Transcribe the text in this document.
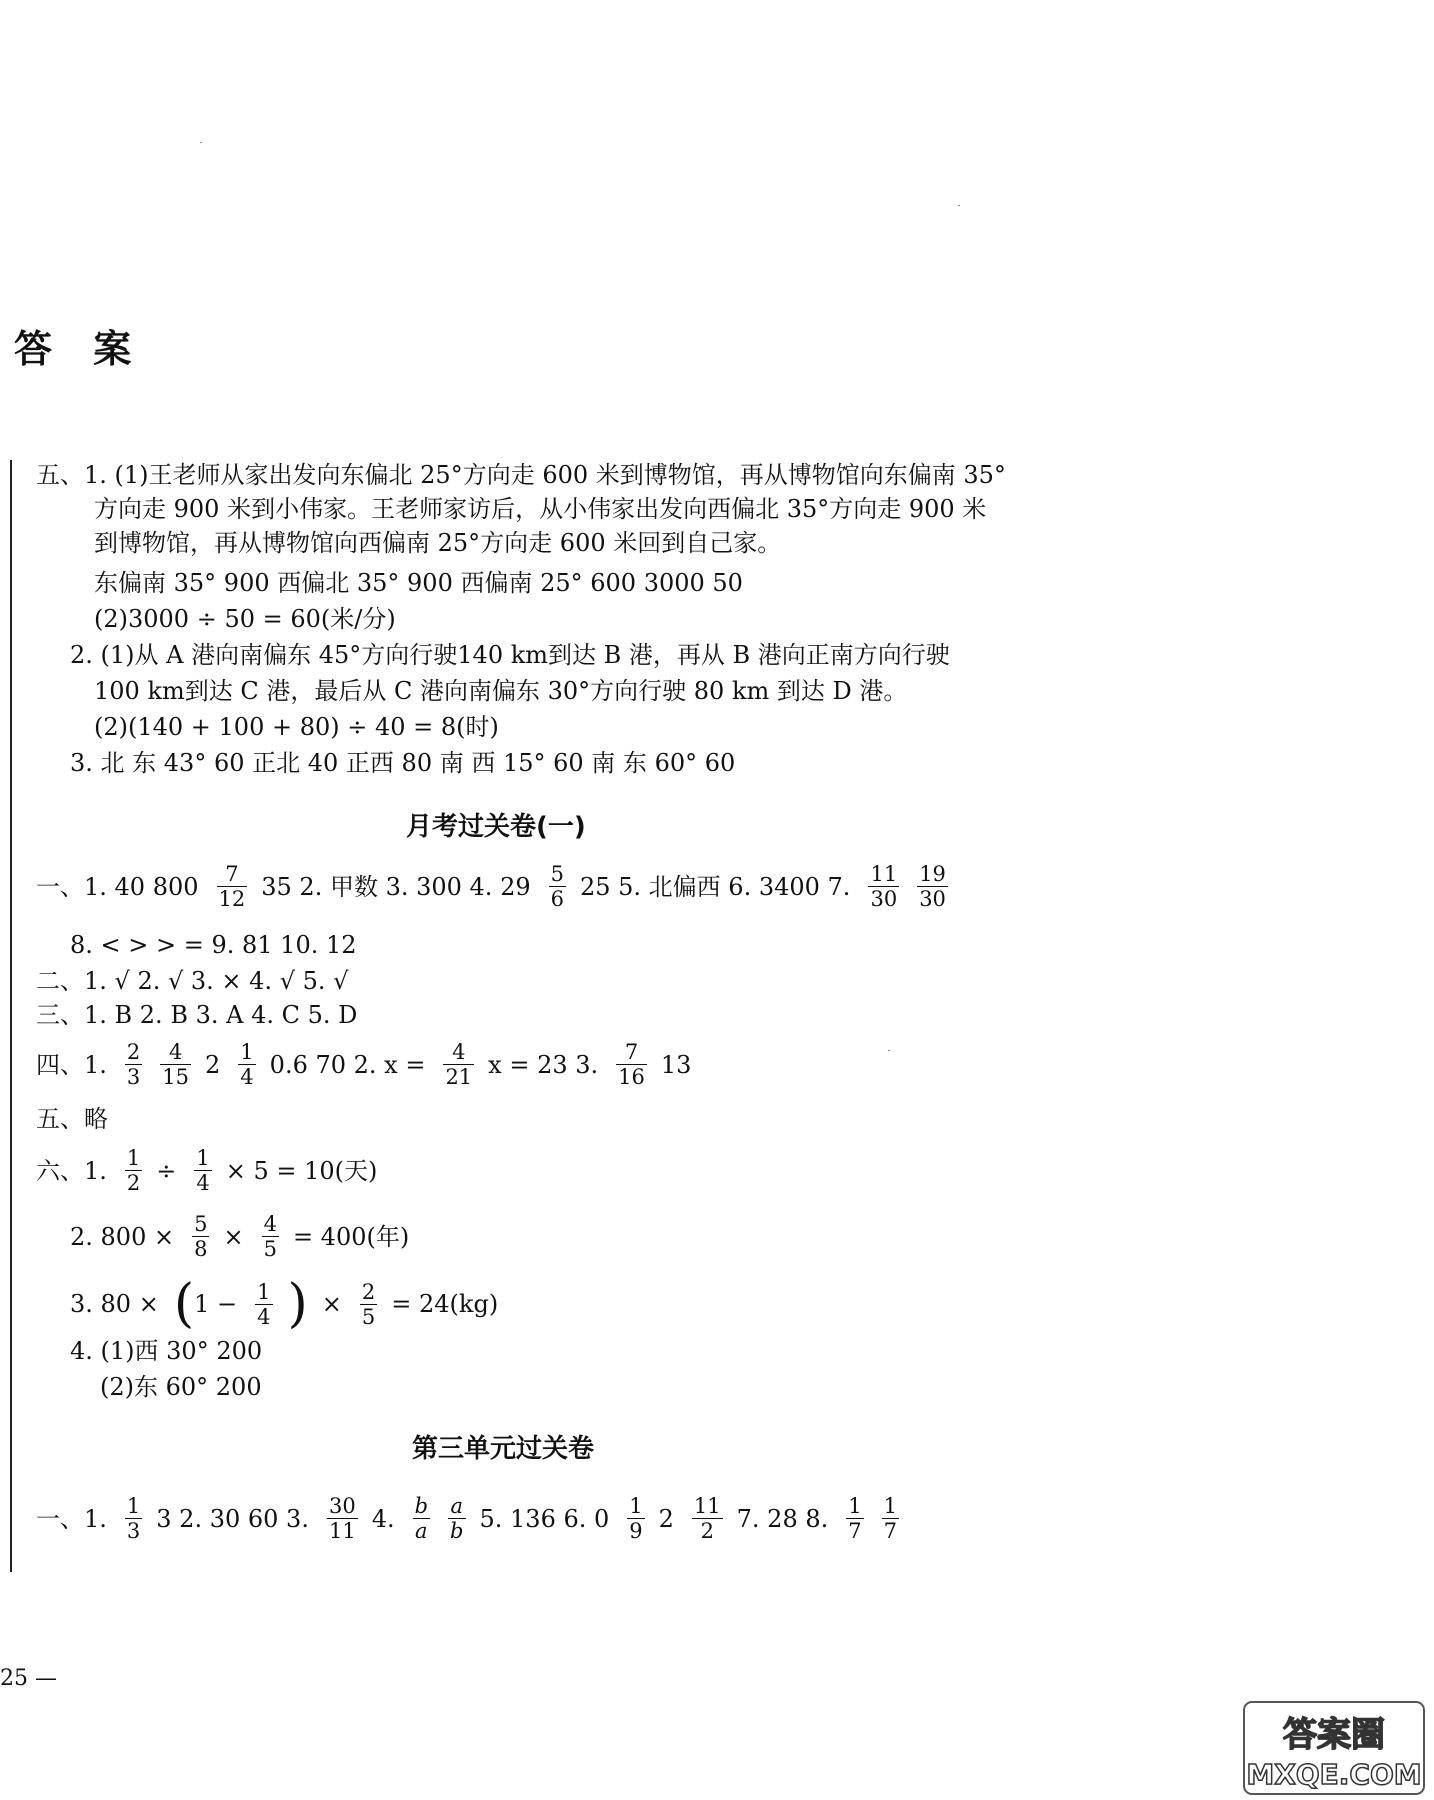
答 案
五、1. (1)王老师从家出发向东偏北 25°方向走 600 米到博物馆，再从博物馆向东偏南 35°
方向走 900 米到小伟家。王老师家访后，从小伟家出发向西偏北 35°方向走 900 米
到博物馆，再从博物馆向西偏南 25°方向走 600 米回到自己家。
东偏南 35° 900 西偏北 35° 900 西偏南 25° 600 3000 50
(2)3000 ÷ 50 = 60(米/分)
2. (1)从 A 港向南偏东 45°方向行驶140 km到达 B 港，再从 B 港向正南方向行驶
100 km到达 C 港，最后从 C 港向南偏东 30°方向行驶 80 km 到达 D 港。
(2)(140 + 100 + 80) ÷ 40 = 8(时)
3. 北 东 43° 60 正北 40 正西 80 南 西 15° 60 南 东 60° 60
月考过关卷(一)
一、1. 40 800	7
12 35 2. 甲数 3. 300 4. 29 5
6 25 5. 北偏西 6. 3400 7. 11
30
19
30
8. < > > = 9. 81 10. 12
二、1. √ 2. √ 3. × 4. √ 5. √
三、1. B 2. B 3. A 4. C 5. D
四、1. 2
3
4
15 2 1
4 0.6 70 2. $x = \frac{4}{21}$ x = 23 3.	7
16 13
五、略
六、1. $\frac{1}{2} \div \frac{1}{4} \times 5 = 10$(天)
2. $800 \times \frac{5}{8} \times \frac{4}{5} = 400$(年)
3. 80 × ( $1 - \frac{1}{4}$ ) × $\frac{2}{5} = 24(kg)$
4. (1)西 30° 200
(2)东 60° 200
第三单元过关卷
一、1. 1
3 3 2. 30 60 3. 30
11 4. b
a
a
b 5. 136 6. 0 1
9 2 11
2 7. 28 8. 1
7
1
7
25 —
答案圈
MXQE.COM
